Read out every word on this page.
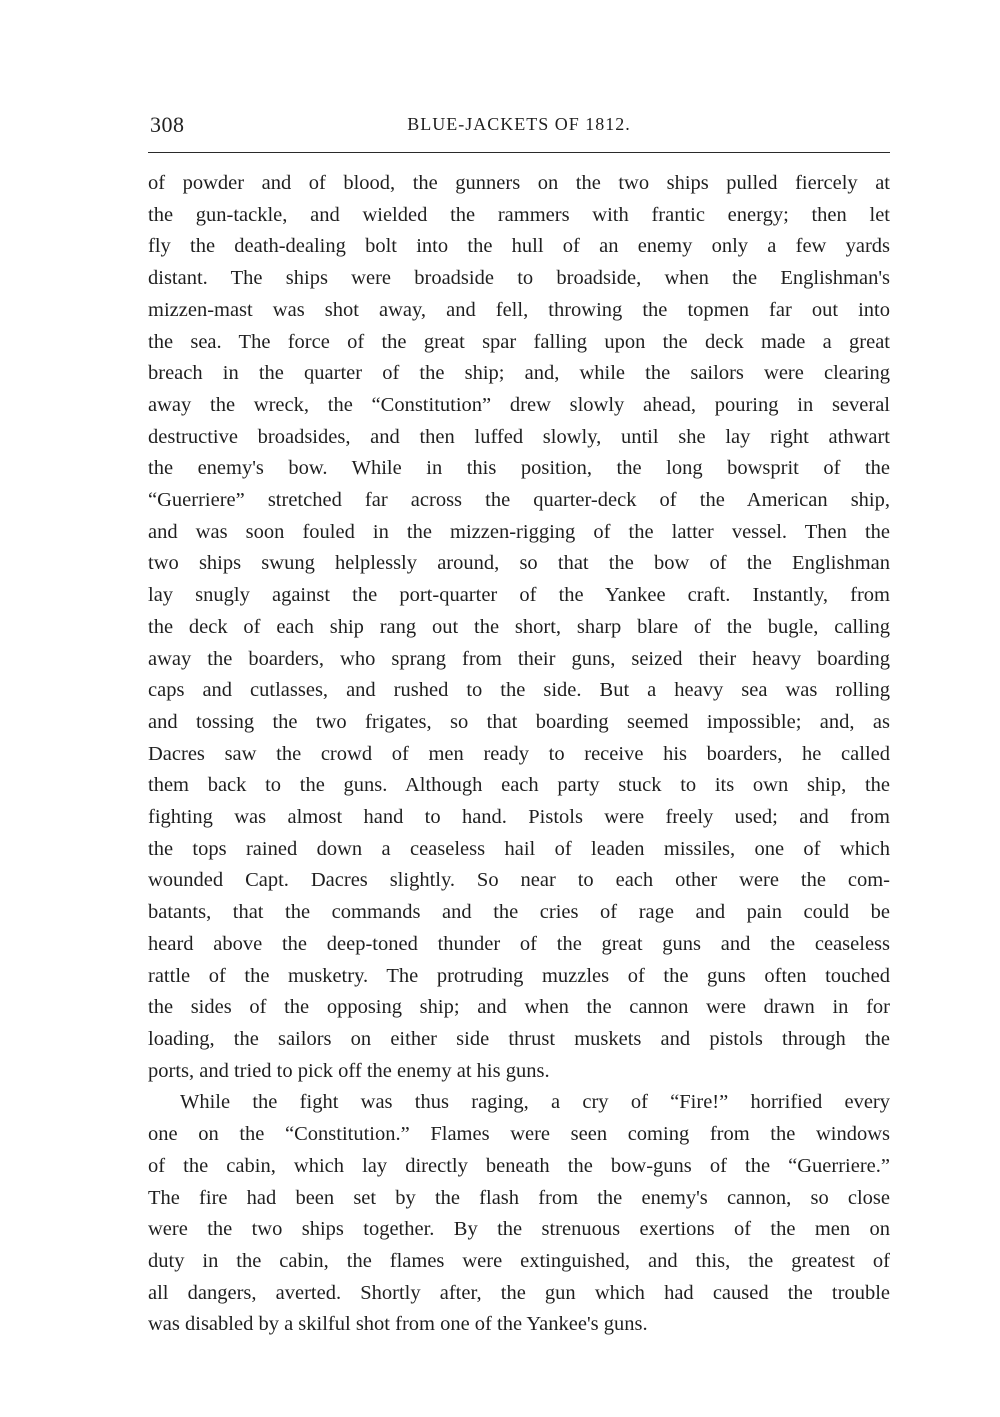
308	BLUE-JACKETS OF 1812.
of powder and of blood, the gunners on the two ships pulled fiercely at
the gun-tackle, and wielded the rammers with frantic energy; then let
fly the death-dealing bolt into the hull of an enemy only a few yards
distant. The ships were broadside to broadside, when the Englishman's
mizzen-mast was shot away, and fell, throwing the topmen far out into
the sea. The force of the great spar falling upon the deck made a great
breach in the quarter of the ship; and, while the sailors were clearing
away the wreck, the “Constitution” drew slowly ahead, pouring in several
destructive broadsides, and then luffed slowly, until she lay right athwart
the enemy's bow. While in this position, the long bowsprit of the
“Guerriere” stretched far across the quarter-deck of the American ship,
and was soon fouled in the mizzen-rigging of the latter vessel. Then the
two ships swung helplessly around, so that the bow of the Englishman
lay snugly against the port-quarter of the Yankee craft. Instantly, from
the deck of each ship rang out the short, sharp blare of the bugle, calling
away the boarders, who sprang from their guns, seized their heavy boarding
caps and cutlasses, and rushed to the side. But a heavy sea was rolling
and tossing the two frigates, so that boarding seemed impossible; and, as
Dacres saw the crowd of men ready to receive his boarders, he called
them back to the guns. Although each party stuck to its own ship, the
fighting was almost hand to hand. Pistols were freely used; and from
the tops rained down a ceaseless hail of leaden missiles, one of which
wounded Capt. Dacres slightly. So near to each other were the com-
batants, that the commands and the cries of rage and pain could be
heard above the deep-toned thunder of the great guns and the ceaseless
rattle of the musketry. The protruding muzzles of the guns often touched
the sides of the opposing ship; and when the cannon were drawn in for
loading, the sailors on either side thrust muskets and pistols through the
ports, and tried to pick off the enemy at his guns.
While the fight was thus raging, a cry of “Fire!” horrified every
one on the “Constitution.” Flames were seen coming from the windows
of the cabin, which lay directly beneath the bow-guns of the “Guerriere.”
The fire had been set by the flash from the enemy's cannon, so close
were the two ships together. By the strenuous exertions of the men on
duty in the cabin, the flames were extinguished, and this, the greatest of
all dangers, averted. Shortly after, the gun which had caused the trouble
was disabled by a skilful shot from one of the Yankee's guns.
